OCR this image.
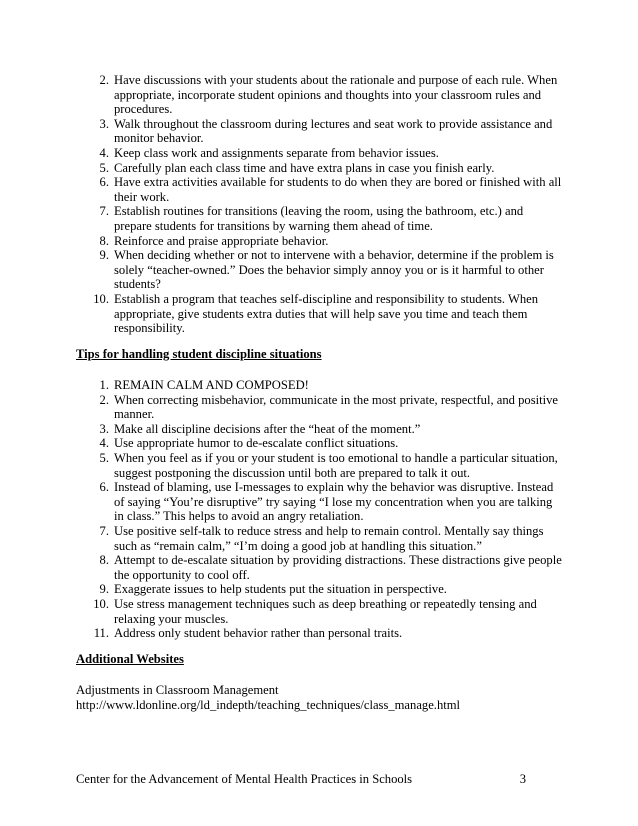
2. Have discussions with your students about the rationale and purpose of each rule. When appropriate, incorporate student opinions and thoughts into your classroom rules and procedures.
3. Walk throughout the classroom during lectures and seat work to provide assistance and monitor behavior.
4. Keep class work and assignments separate from behavior issues.
5. Carefully plan each class time and have extra plans in case you finish early.
6. Have extra activities available for students to do when they are bored or finished with all their work.
7. Establish routines for transitions (leaving the room, using the bathroom, etc.) and prepare students for transitions by warning them ahead of time.
8. Reinforce and praise appropriate behavior.
9. When deciding whether or not to intervene with a behavior, determine if the problem is solely “teacher-owned.” Does the behavior simply annoy you or is it harmful to other students?
10. Establish a program that teaches self-discipline and responsibility to students. When appropriate, give students extra duties that will help save you time and teach them responsibility.
Tips for handling student discipline situations
1. REMAIN CALM AND COMPOSED!
2. When correcting misbehavior, communicate in the most private, respectful, and positive manner.
3. Make all discipline decisions after the “heat of the moment.”
4. Use appropriate humor to de-escalate conflict situations.
5. When you feel as if you or your student is too emotional to handle a particular situation, suggest postponing the discussion until both are prepared to talk it out.
6. Instead of blaming, use I-messages to explain why the behavior was disruptive. Instead of saying “You’re disruptive” try saying “I lose my concentration when you are talking in class.” This helps to avoid an angry retaliation.
7. Use positive self-talk to reduce stress and help to remain control. Mentally say things such as “remain calm,” “I’m doing a good job at handling this situation.”
8. Attempt to de-escalate situation by providing distractions. These distractions give people the opportunity to cool off.
9. Exaggerate issues to help students put the situation in perspective.
10. Use stress management techniques such as deep breathing or repeatedly tensing and relaxing your muscles.
11. Address only student behavior rather than personal traits.
Additional Websites
Adjustments in Classroom Management
http://www.ldonline.org/ld_indepth/teaching_techniques/class_manage.html
Center for the Advancement of Mental Health Practices in Schools	3
